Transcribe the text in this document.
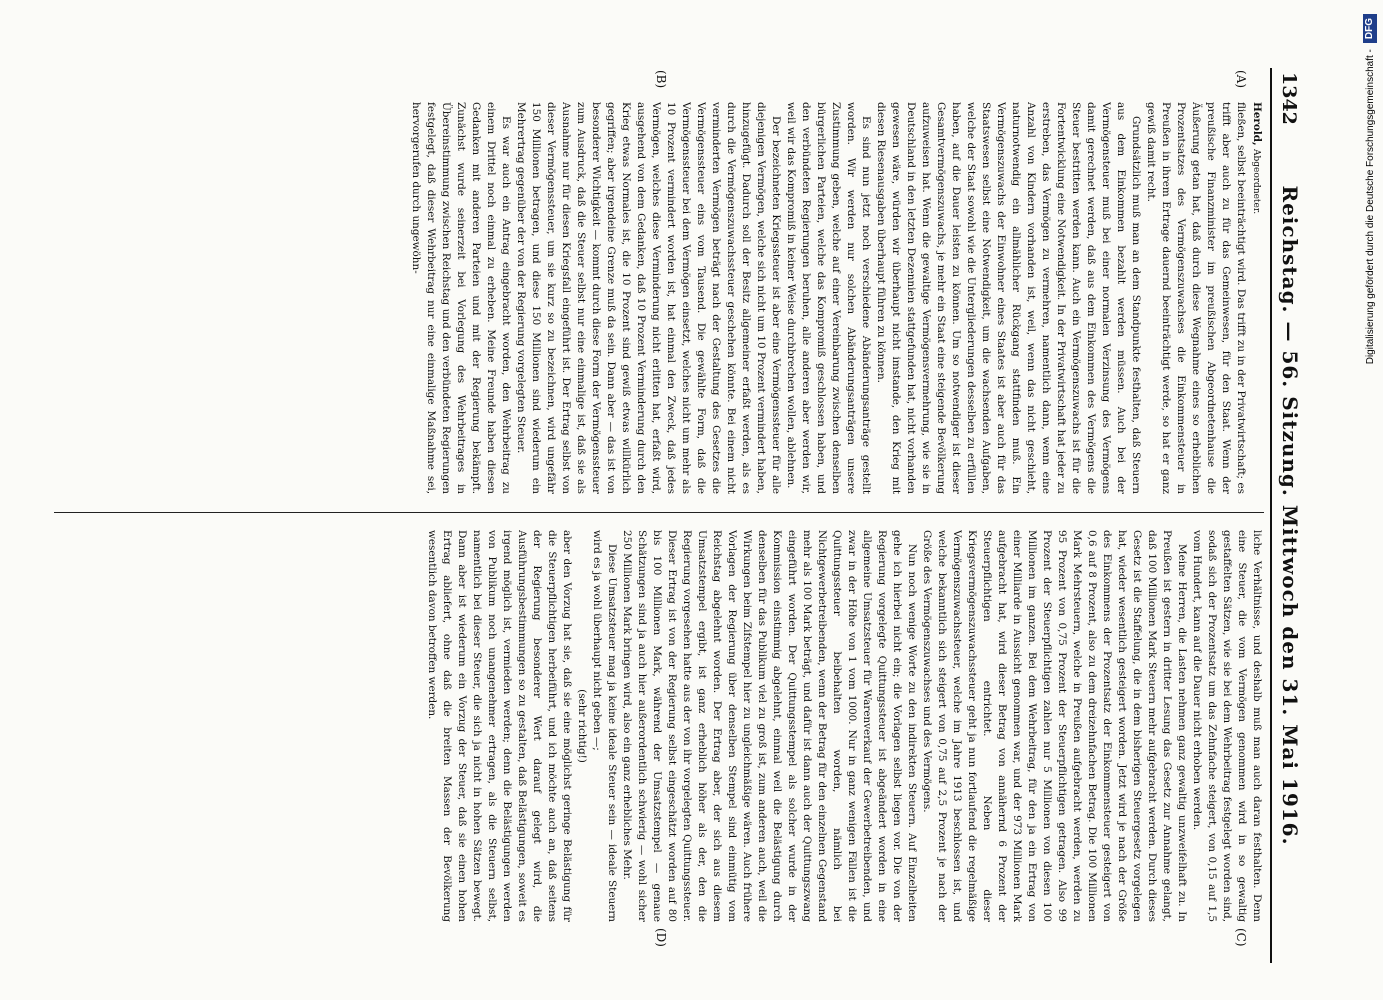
1342
Reichstag. — 56. Sitzung. Mittwoch den 31. Mai 1916.
(A)
(B)
(C)
(D)

Herold, Abgeordneter.

fließen, selbst beeinträchtigt wird. Das trifft zu in der Privatwirtschaft; es trifft aber auch zu für das Gemeinwesen, für den Staat. Wenn der preußische Finanzminister im preußischen Abgeordnetenhause die Äußerung getan hat, daß durch diese Wegnahme eines so erheblichen Prozentsatzes des Vermögenszuwachses die Einkommensteuer in Preußen in ihrem Ertrage dauernd beeinträchtigt werde, so hat er ganz gewiß damit recht.

Grundsätzlich muß man an dem Standpunkte festhalten, daß Steuern aus dem Einkommen bezahlt werden müssen. Auch bei der Vermögensteuer muß bei einer normalen Verzinsung des Vermögens damit gerechnet werden, daß aus dem Einkommen des Vermögens die Steuer bestritten werden kann. Auch ein Vermögenszuwachs ist für die Fortentwicklung eine Notwendigkeit. In der Privatwirtschaft hat jeder zu erstreben, das Vermögen zu vermehren, namentlich dann, wenn eine Anzahl von Kindern vorhanden ist, weil, wenn das nicht geschieht, naturnotwendig ein allmählicher Rückgang stattfinden muß. Ein Vermögenszuwachs der Einwohner eines Staates ist aber auch für das Staatswesen selbst eine Notwendigkeit, um die wachsenden Aufgaben, welche der Staat sowohl wie die Untergliederungen desselben zu erfüllen haben, auf die Dauer leisten zu können. Um so notwendiger ist dieser Gesamtvermögenszuwachs, je mehr ein Staat eine steigende Bevölkerung aufzuweisen hat. Wenn die gewaltige Vermögensvermehrung, wie sie in Deutschland in den letzten Dezennien stattgefunden hat, nicht vorhanden gewesen wäre, würden wir überhaupt nicht imstande, den Krieg mit diesen Riesenausgaben überhaupt führen zu können.

Es sind nun jetzt noch verschiedene Abänderungsanträge gestellt worden. Wir werden nur solchen Abänderungsanträgen unsere Zustimmung geben, welche auf einer Vereinbarung zwischen denselben bürgerlichen Parteien, welche das Kompromiß geschlossen haben, und den verbündeten Regierungen beruhen, alle anderen aber werden wir, weil wir das Kompromiß in keiner Weise durchbrechen wollen, ablehnen.

Der bezeichneten Kriegssteuer ist aber eine Vermögenssteuer für alle diejenigen Vermögen, welche sich nicht um 10 Prozent vermindert haben, hinzugefügt. Dadurch soll der Besitz allgemeiner erfaßt werden, als es durch die Vermögenszuwachssteuer geschehen könnte. Bei einem nicht verminderten Vermögen beträgt nach der Gestaltung des Gesetzes die Vermögenssteuer eins vom Tausend. Die gewählte Form, daß die Vermögenssteuer bei dem Vermögen einsetzt, welches nicht um mehr als 10 Prozent vermindert worden ist, hat einmal den Zweck, daß jedes Vermögen, welches diese Verminderung nicht erlitten hat, erfaßt wird, ausgehend von dem Gedanken, daß 10 Prozent Verminderung durch den Krieg etwas Normales ist, die 10 Prozent sind gewiß etwas willkürlich gegriffen; aber irgendeine Grenze muß da sein. Dann aber — das ist von besonderer Wichtigkeit — kommt durch diese Form der Vermögenssteuer zum Ausdruck, daß die Steuer selbst nur eine einmalige ist, daß sie als Ausnahme nur für diesen Kriegsfall eingeführt ist. Der Ertrag selbst von dieser Vermögenssteuer, um sie kurz so zu bezeichnen, wird ungefähr 150 Millionen betragen, und diese 150 Millionen sind wiederum ein Mehrertrag gegenüber der von der Regierung vorgelegten Steuer.

Es war auch ein Antrag eingebracht worden, den Wehrbeitrag zu einem Drittel noch einmal zu erheben. Meine Freunde haben diesen Gedanken mit anderen Parteien und mit der Regierung bekämpft. Zunächst wurde seinerzeit bei Vorlegung des Wehrbeitrages in Übereinstimmung zwischen Reichstag und den verbündeten Regierungen festgelegt, daß dieser Wehrbeitrag nur eine einmalige Maßnahme sei, hervorgerufen durch ungewöhn-

liche Verhältnisse, und deshalb muß man auch daran festhalten. Denn eine Steuer, die vom Vermögen genommen wird in so gewaltig gestaffelten Sätzen, wie sie bei dem Wehrbeitrag festgelegt worden sind, sodaß sich der Prozentsatz um das Zehnfache steigert, von 0,15 auf 1,5 vom Hundert, kann auf die Dauer nicht erhoben werden.

Meine Herren, die Lasten nehmen ganz gewaltig unzweifelhaft zu. In Preußen ist gestern in dritter Lesung das Gesetz zur Annahme gelangt, daß 100 Millionen Mark Steuern mehr aufgebracht werden. Durch dieses Gesetz ist die Staffelung, die in dem bisherigen Steuergesetz vorgelegen hat, wieder wesentlich gesteigert worden. Jetzt wird je nach der Größe des Einkommens der Prozentsatz der Einkommensteuer gesteigert von 0,6 auf 8 Prozent, also zu dem dreizehnfachen Betrag. Die 100 Millionen Mark Mehrsteuern, welche in Preußen aufgebracht werden, werden zu 95 Prozent von 0,75 Prozent der Steuerpflichtigen getragen. Also 99 Prozent der Steuerpflichtigen zahlen nur 5 Millionen von diesen 100 Millionen im ganzen. Bei dem Wehrbeitrag, für den ja ein Ertrag von einer Milliarde in Aussicht genommen war, und der 973 Millionen Mark aufgebracht hat, wird dieser Betrag von annähernd 6 Prozent der Steuerpflichtigen entrichtet. Neben dieser Kriegsvermögenszuwachssteuer geht ja nun fortlaufend die regelmäßige Vermögenszuwachssteuer, welche im Jahre 1913 beschlossen ist, und welche bekanntlich sich steigert von 0,75 auf 2,5 Prozent je nach der Größe des Vermögenszuwachses und des Vermögens.

Nun noch wenige Worte zu den indirekten Steuern. Auf Einzelheiten gehe ich hierbei nicht ein; die Vorlagen selbst liegen vor. Die von der Regierung vorgelegte Quittungssteuer ist abgeändert worden in eine allgemeine Umsatzsteuer für Warenverkauf der Gewerbetreibenden, und zwar in der Höhe von 1 vom 1000. Nur in ganz wenigen Fällen ist die Quittungssteuer beibehalten worden, nämlich bei Nichtgewerbetreibenden, wenn der Betrag für den einzelnen Gegenstand mehr als 100 Mark beträgt, und dafür ist dann auch der Quittungszwang eingeführt worden. Der Quittungsstempel als solcher wurde in der Kommission einstimmig abgelehnt, einmal weil die Belästigung durch denselben für das Publikum viel zu groß ist, zum anderen auch, weil die Wirkungen beim Zifstempel hier zu ungleichmäßige wären. Auch frühere Vorlagen der Regierung über denselben Stempel sind einmütig vom Reichstag abgelehnt worden. Der Ertrag aber, der sich aus diesem Umsatzstempel ergibt, ist ganz erheblich höher als der, den die Regierung vorgesehen hatte aus der von ihr vorgelegten Quittungssteuer. Dieser Ertrag ist von der Regierung selbst eingeschätzt worden auf 80 bis 100 Millionen Mark, während der Umsatzstempel — genaue Schätzungen sind ja auch hier außerordentlich schwierig — wohl sicher 250 Millionen Mark bringen wird, also ein ganz erhebliches Mehr.

Diese Umsatzsteuer mag ja keine ideale Steuer sein — ideale Steuern wird es ja wohl überhaupt nicht geben —;

(sehr richtig!)

aber den Vorzug hat sie, daß sie eine möglichst geringe Belästigung für die Steuerpflichtigen herbeiführt, und ich möchte auch an, daß seitens der Regierung besonderer Wert darauf gelegt wird, die Ausführungsbestimmungen so zu gestalten, daß Belästigungen, soweit es irgend möglich ist, vermieden werden; denn die Belästigungen werden von Publikum noch unangenehmer ertragen, als die Steuern selbst, namentlich bei dieser Steuer, die sich ja nicht in hohen Sätzen bewegt. Dann aber ist wiederum ein Vorzug der Steuer, daß sie einen hohen Ertrag abliefert, ohne daß die breiten Massen der Bevölkerung wesentlich davon betroffen werden.

Digitalisierung gefördert durch die Deutsche Forschungsgemeinschaft -
DFG
